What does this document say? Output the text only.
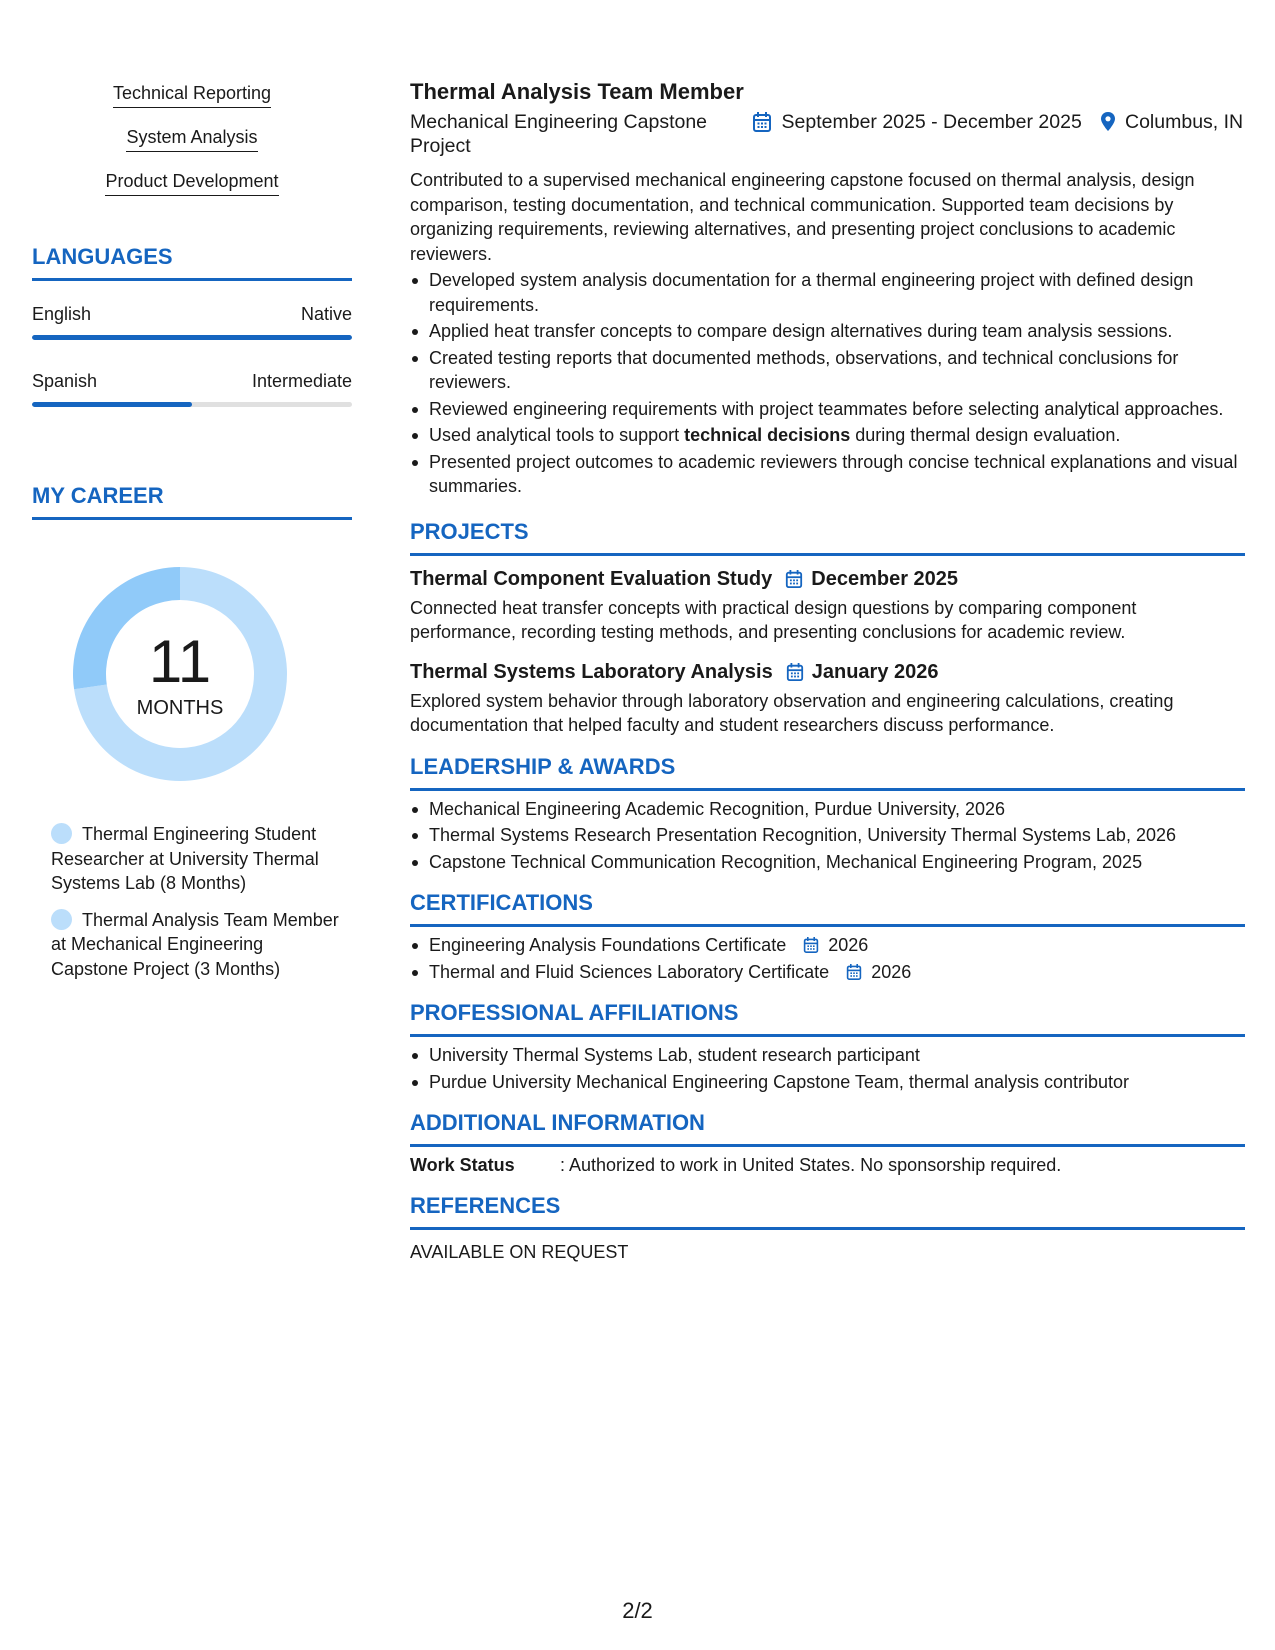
Technical Reporting
System Analysis
Product Development
LANGUAGES
English	Native
Spanish	Intermediate
MY CAREER
11
MONTHS
Thermal Engineering Student Researcher at University Thermal Systems Lab (8 Months)
Thermal Analysis Team Member at Mechanical Engineering Capstone Project (3 Months)
Thermal Analysis Team Member
Mechanical Engineering Capstone Project
September 2025 - December 2025 Columbus, IN
Contributed to a supervised mechanical engineering capstone focused on thermal analysis, design comparison, testing documentation, and technical communication. Supported team decisions by organizing requirements, reviewing alternatives, and presenting project conclusions to academic reviewers.
Developed system analysis documentation for a thermal engineering project with defined design requirements.
Applied heat transfer concepts to compare design alternatives during team analysis sessions.
Created testing reports that documented methods, observations, and technical conclusions for reviewers.
Reviewed engineering requirements with project teammates before selecting analytical approaches.
Used analytical tools to support technical decisions during thermal design evaluation.
Presented project outcomes to academic reviewers through concise technical explanations and visual summaries.
PROJECTS
Thermal Component Evaluation Study December 2025
Connected heat transfer concepts with practical design questions by comparing component performance, recording testing methods, and presenting conclusions for academic review.
Thermal Systems Laboratory Analysis January 2026
Explored system behavior through laboratory observation and engineering calculations, creating documentation that helped faculty and student researchers discuss performance.
LEADERSHIP & AWARDS
Mechanical Engineering Academic Recognition, Purdue University, 2026
Thermal Systems Research Presentation Recognition, University Thermal Systems Lab, 2026
Capstone Technical Communication Recognition, Mechanical Engineering Program, 2025
CERTIFICATIONS
Engineering Analysis Foundations Certificate 2026
Thermal and Fluid Sciences Laboratory Certificate 2026
PROFESSIONAL AFFILIATIONS
University Thermal Systems Lab, student research participant
Purdue University Mechanical Engineering Capstone Team, thermal analysis contributor
ADDITIONAL INFORMATION
Work Status	: Authorized to work in United States. No sponsorship required.
REFERENCES
AVAILABLE ON REQUEST
2/2
